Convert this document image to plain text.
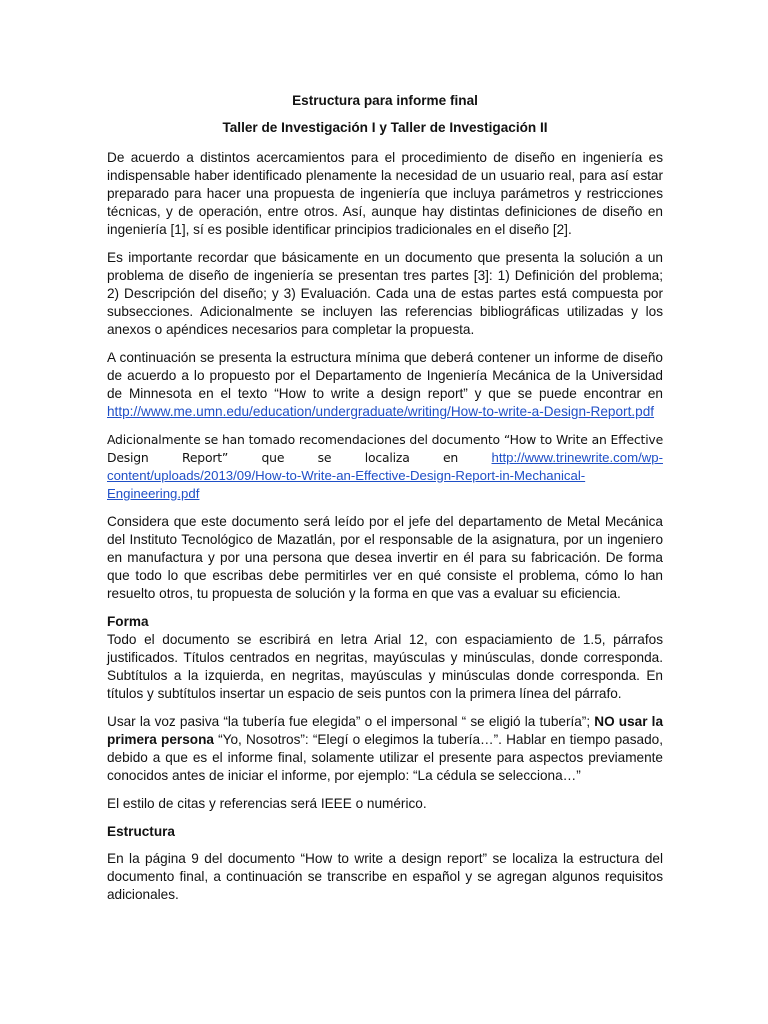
Estructura para informe final
Taller de Investigación I y Taller de Investigación II

De acuerdo a distintos acercamientos para el procedimiento de diseño en ingeniería es indispensable haber identificado plenamente la necesidad de un usuario real, para así estar preparado para hacer una propuesta de ingeniería que incluya parámetros y restricciones técnicas, y de operación, entre otros. Así, aunque hay distintas definiciones de diseño en ingeniería [1], sí es posible identificar principios tradicionales en el diseño [2].

Es importante recordar que básicamente en un documento que presenta la solución a un problema de diseño de ingeniería se presentan tres partes [3]: 1) Definición del problema; 2) Descripción del diseño; y 3) Evaluación. Cada una de estas partes está compuesta por subsecciones. Adicionalmente se incluyen las referencias bibliográficas utilizadas y los anexos o apéndices necesarios para completar la propuesta.

A continuación se presenta la estructura mínima que deberá contener un informe de diseño de acuerdo a lo propuesto por el Departamento de Ingeniería Mecánica de la Universidad de Minnesota en el texto “How to write a design report” y que se puede encontrar en http://www.me.umn.edu/education/undergraduate/writing/How-to-write-a-Design-Report.pdf

Adicionalmente se han tomado recomendaciones del documento “How to Write an Effective Design Report” que se localiza en http://www.trinewrite.com/wp-content/uploads/2013/09/How-to-Write-an-Effective-Design-Report-in-Mechanical-Engineering.pdf

Considera que este documento será leído por el jefe del departamento de Metal Mecánica del Instituto Tecnológico de Mazatlán, por el responsable de la asignatura, por un ingeniero en manufactura y por una persona que desea invertir en él para su fabricación. De forma que todo lo que escribas debe permitirles ver en qué consiste el problema, cómo lo han resuelto otros, tu propuesta de solución y la forma en que vas a evaluar su eficiencia.

Forma

Todo el documento se escribirá en letra Arial 12, con espaciamiento de 1.5, párrafos justificados. Títulos centrados en negritas, mayúsculas y minúsculas, donde corresponda. Subtítulos a la izquierda, en negritas, mayúsculas y minúsculas donde corresponda. En títulos y subtítulos insertar un espacio de seis puntos con la primera línea del párrafo.

Usar la voz pasiva “la tubería fue elegida” o el impersonal “ se eligió la tubería”; NO usar la primera persona “Yo, Nosotros”: “Elegí o elegimos la tubería…”. Hablar en tiempo pasado, debido a que es el informe final, solamente utilizar el presente para aspectos previamente conocidos antes de iniciar el informe, por ejemplo: “La cédula se selecciona…”

El estilo de citas y referencias será IEEE o numérico.

Estructura

En la página 9 del documento “How to write a design report” se localiza la estructura del documento final, a continuación se transcribe en español y se agregan algunos requisitos adicionales.
